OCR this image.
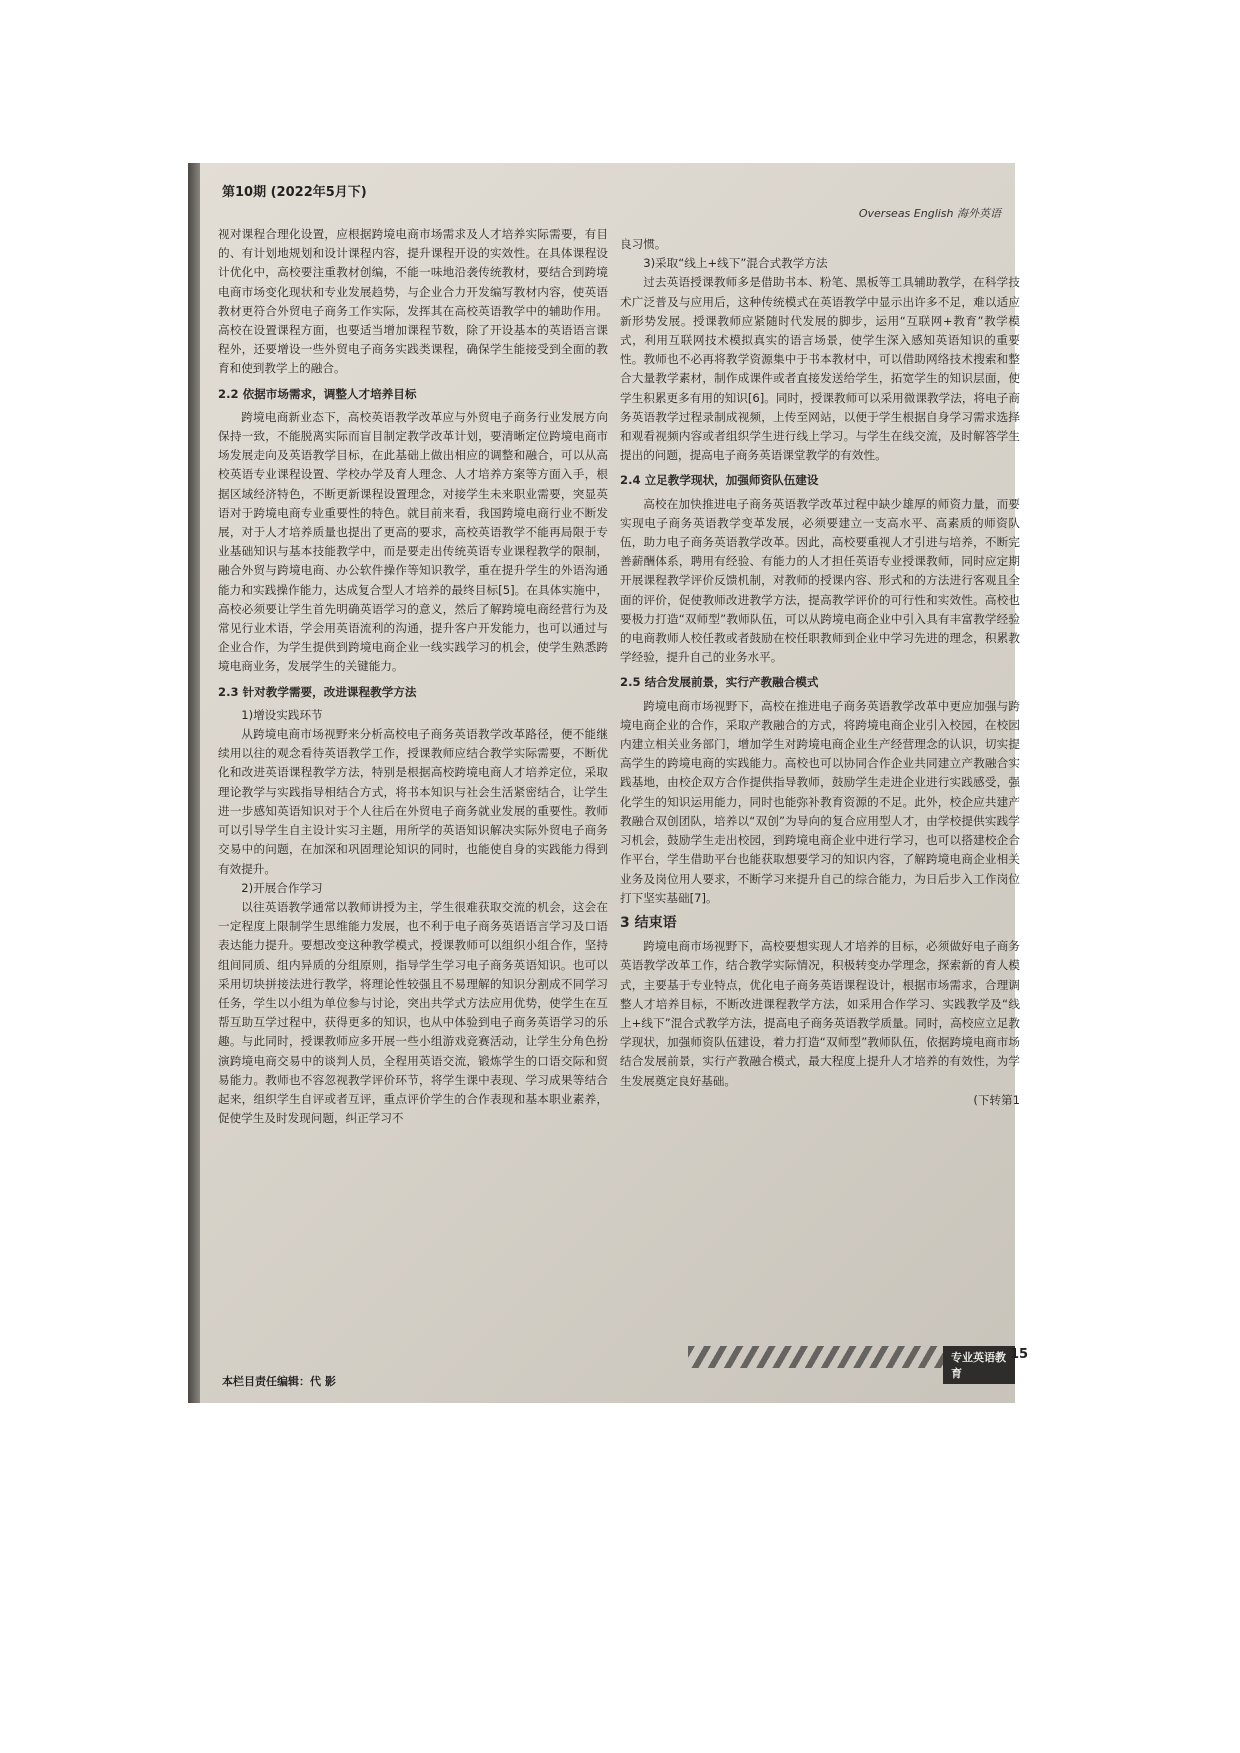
第10期 (2022年5月下)
Overseas English 海外英语

视对课程合理化设置，应根据跨境电商市场需求及人才培养实际需要，有目的、有计划地规划和设计课程内容，提升课程开设的实效性。在具体课程设计优化中，高校要注重教材创编，不能一味地沿袭传统教材，要结合到跨境电商市场变化现状和专业发展趋势，与企业合力开发编写教材内容，使英语教材更符合外贸电子商务工作实际，发挥其在高校英语教学中的辅助作用。高校在设置课程方面，也要适当增加课程节数，除了开设基本的英语语言课程外，还要增设一些外贸电子商务实践类课程，确保学生能接受到全面的教育和使到教学上的融合。

2.2 依据市场需求，调整人才培养目标

跨境电商新业态下，高校英语教学改革应与外贸电子商务行业发展方向保持一致，不能脱离实际而盲目制定教学改革计划，要清晰定位跨境电商市场发展走向及英语教学目标，在此基础上做出相应的调整和融合，可以从高校英语专业课程设置、学校办学及育人理念、人才培养方案等方面入手，根据区域经济特色，不断更新课程设置理念，对接学生未来职业需要，突显英语对于跨境电商专业重要性的特色。就目前来看，我国跨境电商行业不断发展，对于人才培养质量也提出了更高的要求，高校英语教学不能再局限于专业基础知识与基本技能教学中，而是要走出传统英语专业课程教学的限制，融合外贸与跨境电商、办公软件操作等知识教学，重在提升学生的外语沟通能力和实践操作能力，达成复合型人才培养的最终目标[5]。在具体实施中，高校必须要让学生首先明确英语学习的意义，然后了解跨境电商经营行为及常见行业术语，学会用英语流利的沟通，提升客户开发能力，也可以通过与企业合作，为学生提供到跨境电商企业一线实践学习的机会，使学生熟悉跨境电商业务，发展学生的关键能力。

2.3 针对教学需要，改进课程教学方法

1)增设实践环节

从跨境电商市场视野来分析高校电子商务英语教学改革路径，便不能继续用以往的观念看待英语教学工作，授课教师应结合教学实际需要，不断优化和改进英语课程教学方法，特别是根据高校跨境电商人才培养定位，采取理论教学与实践指导相结合方式，将书本知识与社会生活紧密结合，让学生进一步感知英语知识对于个人往后在外贸电子商务就业发展的重要性。教师可以引导学生自主设计实习主题，用所学的英语知识解决实际外贸电子商务交易中的问题，在加深和巩固理论知识的同时，也能使自身的实践能力得到有效提升。

2)开展合作学习

以往英语教学通常以教师讲授为主，学生很难获取交流的机会，这会在一定程度上限制学生思维能力发展，也不利于电子商务英语语言学习及口语表达能力提升。要想改变这种教学模式，授课教师可以组织小组合作，坚持组间同质、组内异质的分组原则，指导学生学习电子商务英语知识。也可以采用切块拼接法进行教学，将理论性较强且不易理解的知识分割成不同学习任务，学生以小组为单位参与讨论，突出共学式方法应用优势，使学生在互帮互助互学过程中，获得更多的知识，也从中体验到电子商务英语学习的乐趣。与此同时，授课教师应多开展一些小组游戏竞赛活动，让学生分角色扮演跨境电商交易中的谈判人员，全程用英语交流，锻炼学生的口语交际和贸易能力。教师也不容忽视教学评价环节，将学生课中表现、学习成果等结合起来，组织学生自评或者互评，重点评价学生的合作表现和基本职业素养，促使学生及时发现问题，纠正学习不

良习惯。

3)采取“线上+线下”混合式教学方法

过去英语授课教师多是借助书本、粉笔、黑板等工具辅助教学，在科学技术广泛普及与应用后，这种传统模式在英语教学中显示出许多不足，难以适应新形势发展。授课教师应紧随时代发展的脚步，运用“互联网+教育”教学模式，利用互联网技术模拟真实的语言场景，使学生深入感知英语知识的重要性。教师也不必再将教学资源集中于书本教材中，可以借助网络技术搜索和整合大量教学素材，制作成课件或者直接发送给学生，拓宽学生的知识层面，使学生积累更多有用的知识[6]。同时，授课教师可以采用微课教学法，将电子商务英语教学过程录制成视频，上传至网站，以便于学生根据自身学习需求选择和观看视频内容或者组织学生进行线上学习。与学生在线交流，及时解答学生提出的问题，提高电子商务英语课堂教学的有效性。

2.4 立足教学现状，加强师资队伍建设

高校在加快推进电子商务英语教学改革过程中缺少雄厚的师资力量，而要实现电子商务英语教学变革发展，必须要建立一支高水平、高素质的师资队伍，助力电子商务英语教学改革。因此，高校要重视人才引进与培养，不断完善薪酬体系，聘用有经验、有能力的人才担任英语专业授课教师，同时应定期开展课程教学评价反馈机制，对教师的授课内容、形式和的方法进行客观且全面的评价，促使教师改进教学方法，提高教学评价的可行性和实效性。高校也要极力打造“双师型”教师队伍，可以从跨境电商企业中引入具有丰富教学经验的电商教师人校任教或者鼓励在校任职教师到企业中学习先进的理念，积累教学经验，提升自己的业务水平。

2.5 结合发展前景，实行产教融合模式

跨境电商市场视野下，高校在推进电子商务英语教学改革中更应加强与跨境电商企业的合作，采取产教融合的方式，将跨境电商企业引入校园，在校园内建立相关业务部门，增加学生对跨境电商企业生产经营理念的认识，切实提高学生的跨境电商的实践能力。高校也可以协同合作企业共同建立产教融合实践基地，由校企双方合作提供指导教师，鼓励学生走进企业进行实践感受，强化学生的知识运用能力，同时也能弥补教育资源的不足。此外，校企应共建产教融合双创团队，培养以“双创”为导向的复合应用型人才，由学校提供实践学习机会，鼓励学生走出校园，到跨境电商企业中进行学习，也可以搭建校企合作平台，学生借助平台也能获取想要学习的知识内容，了解跨境电商企业相关业务及岗位用人要求，不断学习来提升自己的综合能力，为日后步入工作岗位打下坚实基础[7]。

3 结束语

跨境电商市场视野下，高校要想实现人才培养的目标，必须做好电子商务英语教学改革工作，结合教学实际情况，积极转变办学理念，探索新的育人模式，主要基于专业特点，优化电子商务英语课程设计，根据市场需求，合理调整人才培养目标，不断改进课程教学方法，如采用合作学习、实践教学及“线上+线下”混合式教学方法，提高电子商务英语教学质量。同时，高校应立足教学现状，加强师资队伍建设，着力打造“双师型”教师队伍，依据跨境电商市场结合发展前景，实行产教融合模式，最大程度上提升人才培养的有效性，为学生发展奠定良好基础。

(下转第1

专业英语教育
15
本栏目责任编辑：代 影
